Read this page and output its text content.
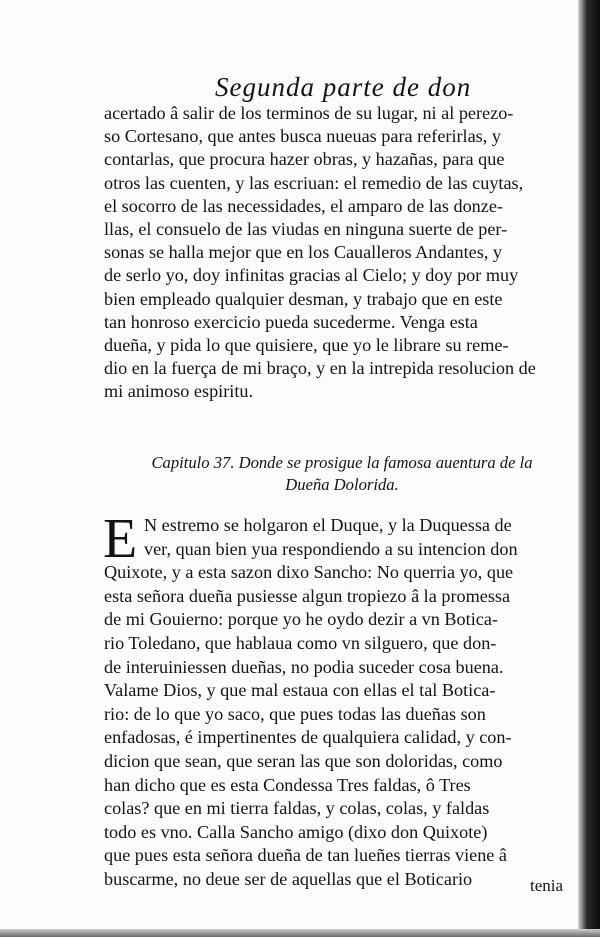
Segunda parte de don
acertado â salir de los terminos de su lugar, ni al perezo-
so Cortesano, que antes busca nueuas para referirlas, y
contarlas, que procura hazer obras, y hazañas, para que
otros las cuenten, y las escriuan: el remedio de las cuytas,
el socorro de las necessidades, el amparo de las donze-
llas, el consuelo de las viudas en ninguna suerte de per-
sonas se halla mejor que en los Caualleros Andantes, y
de serlo yo, doy infinitas gracias al Cielo; y doy por muy
bien empleado qualquier desman, y trabajo que en este
tan honroso exercicio pueda sucederme. Venga esta
dueña, y pida lo que quisiere, que yo le librare su reme-
dio en la fuerça de mi braço, y en la intrepida resolucion de
mi animoso espiritu.
Capitulo 37. Donde se prosigue la famosa auentura de la
Dueña Dolorida.
E N estremo se holgaron el Duque, y la Duquessa de
ver, quan bien yua respondiendo a su intencion don
Quixote, y a esta sazon dixo Sancho: No querria yo, que
esta señora dueña pusiesse algun tropiezo â la promessa
de mi Gouierno: porque yo he oydo dezir a vn Botica-
rio Toledano, que hablaua como vn silguero, que don-
de interuiniessen dueñas, no podia suceder cosa buena.
Valame Dios, y que mal estaua con ellas el tal Botica-
rio: de lo que yo saco, que pues todas las dueñas son
enfadosas, é impertinentes de qualquiera calidad, y con-
dicion que sean, que seran las que son doloridas, como
han dicho que es esta Condessa Tres faldas, ô Tres
colas? que en mi tierra faldas, y colas, colas, y faldas
todo es vno. Calla Sancho amigo (dixo don Quixote)
que pues esta señora dueña de tan lueñes tierras viene â
buscarme, no deue ser de aquellas que el Boticario	tenia
